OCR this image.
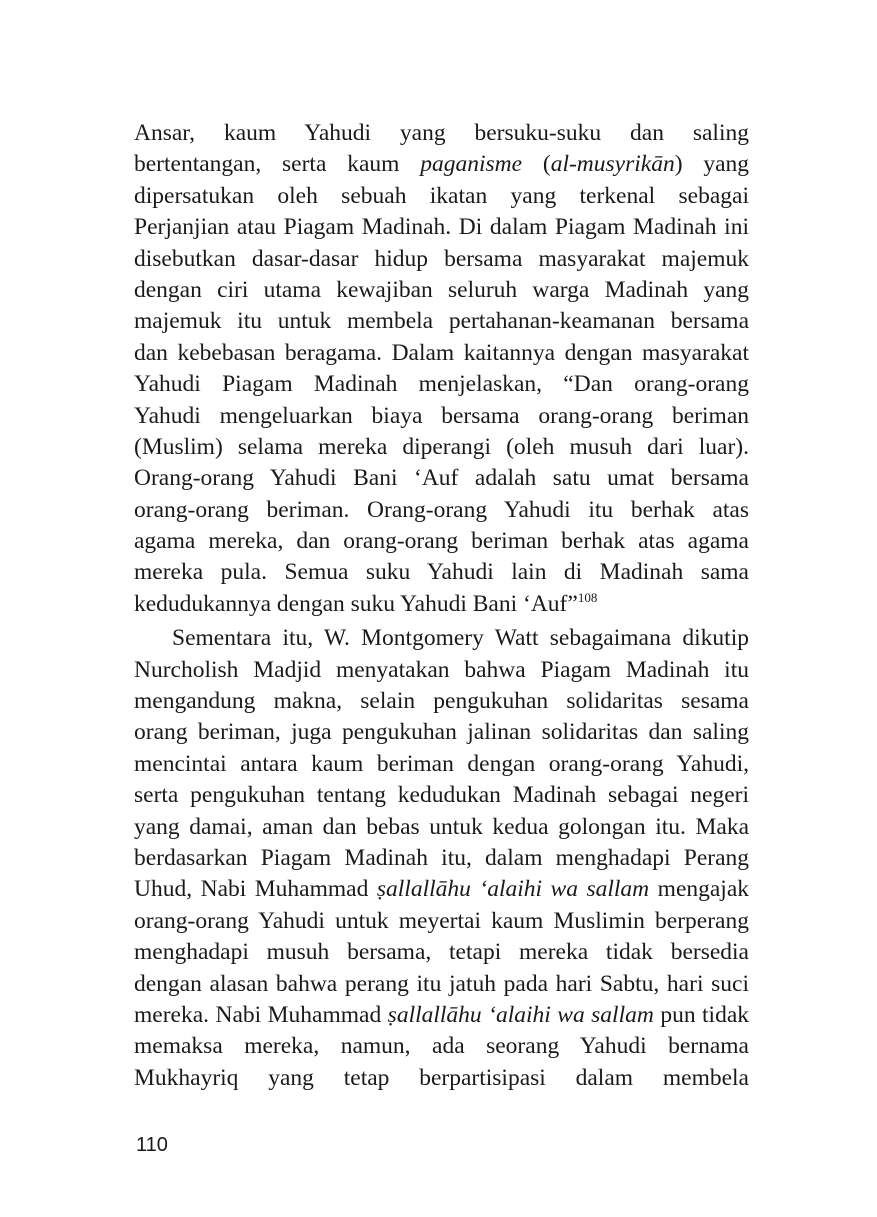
Ansar, kaum Yahudi yang bersuku-suku dan saling
bertentangan, serta kaum paganisme (al-musyrikān) yang
dipersatukan oleh sebuah ikatan yang terkenal sebagai
Perjanjian atau Piagam Madinah. Di dalam Piagam Madinah ini
disebutkan dasar-dasar hidup bersama masyarakat majemuk
dengan ciri utama kewajiban seluruh warga Madinah yang
majemuk itu untuk membela pertahanan-keamanan bersama
dan kebebasan beragama. Dalam kaitannya dengan masyarakat
Yahudi Piagam Madinah menjelaskan, “Dan orang-orang
Yahudi mengeluarkan biaya bersama orang-orang beriman
(Muslim) selama mereka diperangi (oleh musuh dari luar).
Orang-orang Yahudi Bani ‘Auf adalah satu umat bersama
orang-orang beriman. Orang-orang Yahudi itu berhak atas
agama mereka, dan orang-orang beriman berhak atas agama
mereka pula. Semua suku Yahudi lain di Madinah sama
kedudukannya dengan suku Yahudi Bani ‘Auf”$^{108}$
Sementara itu, W. Montgomery Watt sebagaimana dikutip
Nurcholish Madjid menyatakan bahwa Piagam Madinah itu
mengandung makna, selain pengukuhan solidaritas sesama
orang beriman, juga pengukuhan jalinan solidaritas dan saling
mencintai antara kaum beriman dengan orang-orang Yahudi,
serta pengukuhan tentang kedudukan Madinah sebagai negeri
yang damai, aman dan bebas untuk kedua golongan itu. Maka
berdasarkan Piagam Madinah itu, dalam menghadapi Perang
Uhud, Nabi Muhammad ṣallallāhu ‘alaihi wa sallam mengajak
orang-orang Yahudi untuk meyertai kaum Muslimin berperang
menghadapi musuh bersama, tetapi mereka tidak bersedia
dengan alasan bahwa perang itu jatuh pada hari Sabtu, hari suci
mereka. Nabi Muhammad ṣallallāhu ‘alaihi wa sallam pun tidak
memaksa mereka, namun, ada seorang Yahudi bernama
Mukhayriq yang tetap berpartisipasi dalam membela
110
